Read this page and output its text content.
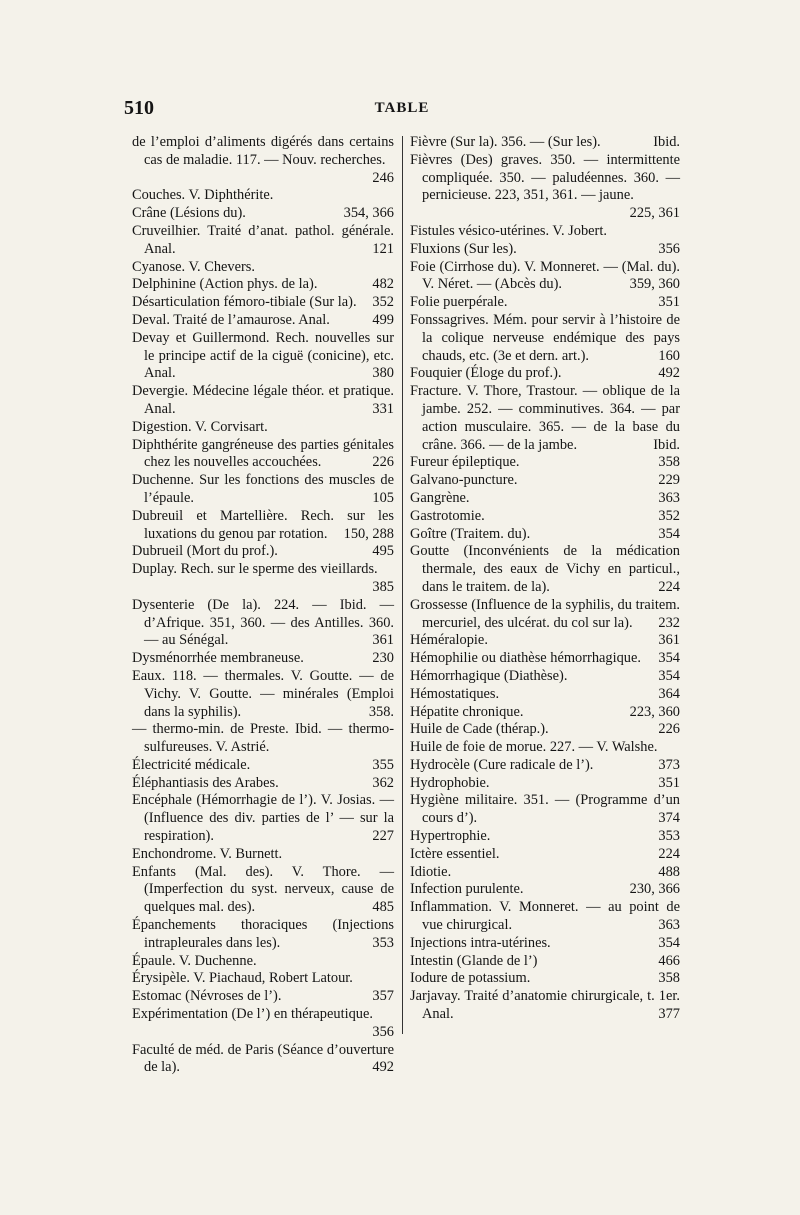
510	TABLE

de l’emploi d’aliments digérés dans certains cas de maladie. 117. — Nouv. recherches.
246

Couches. V. Diphthérite.

Crâne (Lésions du).	354, 366

Cruveilhier. Traité d’anat. pathol. générale. Anal.	121

Cyanose. V. Chevers.

Delphinine (Action phys. de la).	482

Désarticulation fémoro-tibiale (Sur la).	352

Deval. Traité de l’amaurose. Anal.	499

Devay et Guillermond. Rech. nouvelles sur le principe actif de la ciguë (conicine), etc. Anal.	380

Devergie. Médecine légale théor. et pratique. Anal.	331

Digestion. V. Corvisart.

Diphthérite gangréneuse des parties génitales chez les nouvelles accouchées.	226

Duchenne. Sur les fonctions des muscles de l’épaule.	105

Dubreuil et Martellière. Rech. sur les luxations du genou par rotation.	150, 288

Dubrueil (Mort du prof.).	495

Duplay. Rech. sur le sperme des vieillards.
385

Dysenterie (De la). 224. — Ibid. — d’Afrique. 351, 360. — des Antilles. 360. — au Sénégal.	361

Dysménorrhée membraneuse.	230

Eaux. 118. — thermales. V. Goutte. — de Vichy. V. Goutte. — minérales (Emploi dans la syphilis).	358.

— thermo-min. de Preste. Ibid. — thermo-sulfureuses. V. Astrié.

Électricité médicale.	355

Éléphantiasis des Arabes.	362

Encéphale (Hémorrhagie de l’). V. Josias. — (Influence des div. parties de l’ — sur la respiration).	227

Enchondrome. V. Burnett.

Enfants (Mal. des). V. Thore. — (Imperfection du syst. nerveux, cause de quelques mal. des).	485

Épanchements thoraciques (Injections intrapleurales dans les).	353

Épaule. V. Duchenne.

Érysipèle. V. Piachaud, Robert Latour.

Estomac (Névroses de l’).	357

Expérimentation (De l’) en thérapeutique.
356

Faculté de méd. de Paris (Séance d’ouverture de la).	492

Fièvre (Sur la). 356. — (Sur les).	Ibid.

Fièvres (Des) graves. 350. — intermittente compliquée. 350. — paludéennes. 360. — pernicieuse. 223, 351, 361. — jaune.
225, 361

Fistules vésico-utérines. V. Jobert.

Fluxions (Sur les).	356

Foie (Cirrhose du). V. Monneret. — (Mal. du). V. Néret. — (Abcès du).	359, 360

Folie puerpérale.	351

Fonssagrives. Mém. pour servir à l’histoire de la colique nerveuse endémique des pays chauds, etc. (3e et dern. art.).	160

Fouquier (Éloge du prof.).	492

Fracture. V. Thore, Trastour. — oblique de la jambe. 252. — comminutives. 364. — par action musculaire. 365. — de la base du crâne. 366. — de la jambe.	Ibid.

Fureur épileptique.	358

Galvano-puncture.	229

Gangrène.	363

Gastrotomie.	352

Goître (Traitem. du).	354

Goutte (Inconvénients de la médication thermale, des eaux de Vichy en particul., dans le traitem. de la).	224

Grossesse (Influence de la syphilis, du traitem. mercuriel, des ulcérat. du col sur la).	232

Héméralopie.	361

Hémophilie ou diathèse hémorrhagique.	354

Hémorrhagique (Diathèse).	354

Hémostatiques.	364

Hépatite chronique.	223, 360

Huile de Cade (thérap.).	226

Huile de foie de morue. 227. — V. Walshe.

Hydrocèle (Cure radicale de l’).	373

Hydrophobie.	351

Hygiène militaire. 351. — (Programme d’un cours d’).	374

Hypertrophie.	353

Ictère essentiel.	224

Idiotie.	488

Infection purulente.	230, 366

Inflammation. V. Monneret. — au point de vue chirurgical.	363

Injections intra-utérines.	354

Intestin (Glande de l’)	466

Iodure de potassium.	358

Jarjavay. Traité d’anatomie chirurgicale, t. 1er. Anal.	377
